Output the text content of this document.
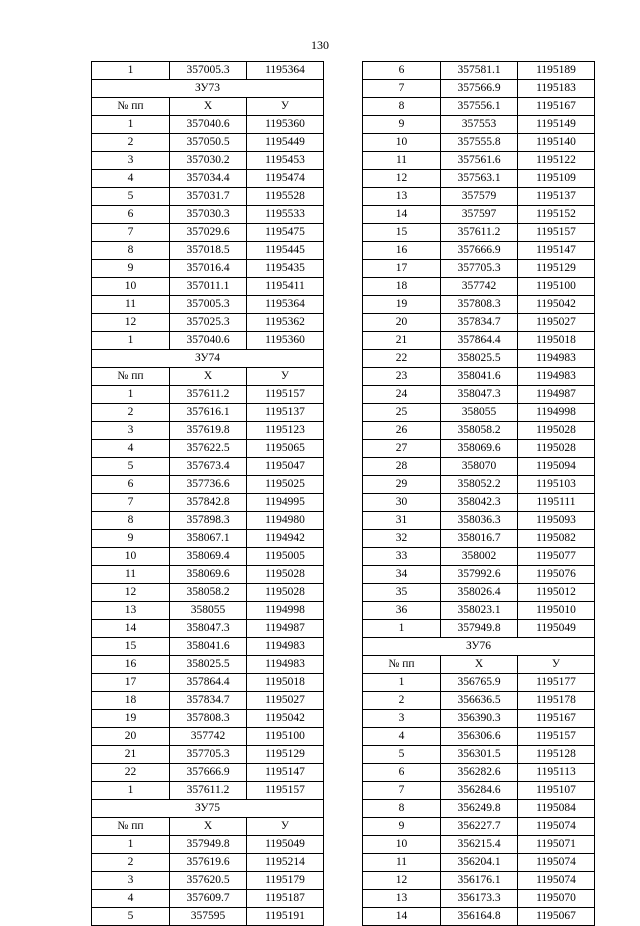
130
1	357005.3	1195364
ЗУ73		
№ пп	X	У
1	357040.6	1195360
2	357050.5	1195449
3	357030.2	1195453
4	357034.4	1195474
5	357031.7	1195528
6	357030.3	1195533
7	357029.6	1195475
8	357018.5	1195445
9	357016.4	1195435
10	357011.1	1195411
11	357005.3	1195364
12	357025.3	1195362
1	357040.6	1195360
ЗУ74		
№ пп	X	У
1	357611.2	1195157
2	357616.1	1195137
3	357619.8	1195123
4	357622.5	1195065
5	357673.4	1195047
6	357736.6	1195025
7	357842.8	1194995
8	357898.3	1194980
9	358067.1	1194942
10	358069.4	1195005
11	358069.6	1195028
12	358058.2	1195028
13	358055	1194998
14	358047.3	1194987
15	358041.6	1194983
16	358025.5	1194983
17	357864.4	1195018
18	357834.7	1195027
19	357808.3	1195042
20	357742	1195100
21	357705.3	1195129
22	357666.9	1195147
1	357611.2	1195157
ЗУ75		
№ пп	X	У
1	357949.8	1195049
2	357619.6	1195214
3	357620.5	1195179
4	357609.7	1195187
5	357595	1195191
6	357581.1	1195189
7	357566.9	1195183
8	357556.1	1195167
9	357553	1195149
10	357555.8	1195140
11	357561.6	1195122
12	357563.1	1195109
13	357579	1195137
14	357597	1195152
15	357611.2	1195157
16	357666.9	1195147
17	357705.3	1195129
18	357742	1195100
19	357808.3	1195042
20	357834.7	1195027
21	357864.4	1195018
22	358025.5	1194983
23	358041.6	1194983
24	358047.3	1194987
25	358055	1194998
26	358058.2	1195028
27	358069.6	1195028
28	358070	1195094
29	358052.2	1195103
30	358042.3	1195111
31	358036.3	1195093
32	358016.7	1195082
33	358002	1195077
34	357992.6	1195076
35	358026.4	1195012
36	358023.1	1195010
1	357949.8	1195049
ЗУ76		
№ пп	X	У
1	356765.9	1195177
2	356636.5	1195178
3	356390.3	1195167
4	356306.6	1195157
5	356301.5	1195128
6	356282.6	1195113
7	356284.6	1195107
8	356249.8	1195084
9	356227.7	1195074
10	356215.4	1195071
11	356204.1	1195074
12	356176.1	1195074
13	356173.3	1195070
14	356164.8	1195067
